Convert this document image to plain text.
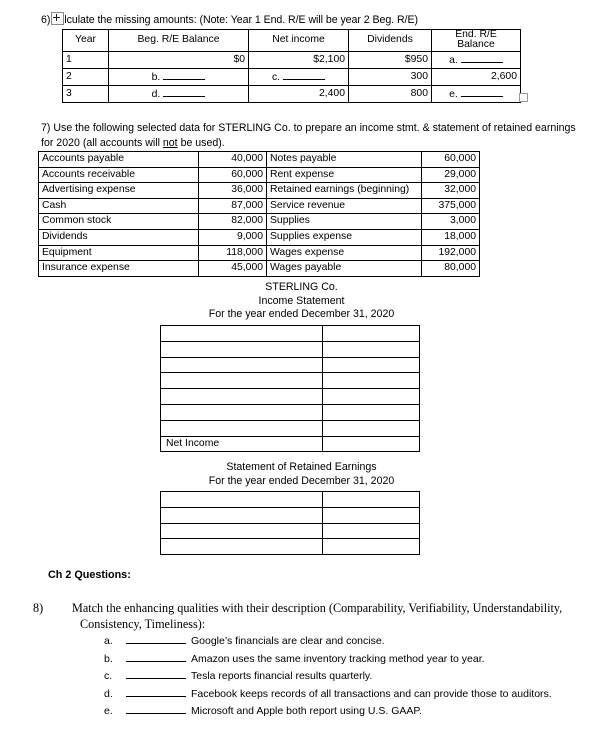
6) lculate the missing amounts: (Note: Year 1 End. R/E will be year 2 Beg. R/E)
Year	Beg. R/E Balance	Net income	Dividends	End. R/E Balance
1	$0	$2,100	$950	a.

2	b.	c.	300	2,600
3	d.	2,400	800	e.
7) Use the following selected data for STERLING Co. to prepare an income stmt. & statement of retained earnings for 2020 (all accounts will not be used).
Accounts payable	40,000	Notes payable	60,000
Accounts receivable	60,000	Rent expense	29,000
Advertising expense	36,000	Retained earnings (beginning)	32,000
Cash	87,000	Service revenue	375,000
Common stock	82,000	Supplies	3,000
Dividends	9,000	Supplies expense	18,000
Equipment	118,000	Wages expense	192,000
Insurance expense	45,000	Wages payable	80,000
STERLING Co.
Income Statement
For the year ended December 31, 2020

Net Income	
Statement of Retained Earnings
For the year ended December 31, 2020

Ch 2 Questions:
8) Match the enhancing qualities with their description (Comparability, Verifiability, Understandability, Consistency, Timeliness):
a.	Google’s financials are clear and concise.
b.	Amazon uses the same inventory tracking method year to year.
c.	Tesla reports financial results quarterly.
d.	Facebook keeps records of all transactions and can provide those to auditors.
e.	Microsoft and Apple both report using U.S. GAAP.
